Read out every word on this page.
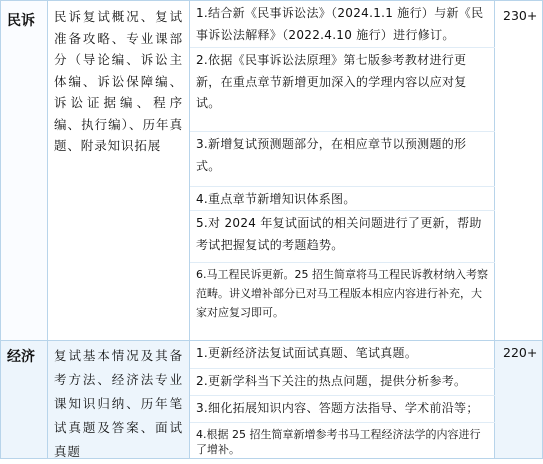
民诉 民诉复试概况、复试准备攻略、专业课部分（导论编、诉讼主体编、诉讼保障编、诉讼证据编、程序编、执行编）、历年真题、附录知识拓展
1.结合新《民事诉讼法》（2024.1.1 施行）与新《民事诉讼法解释》（2022.4.10 施行）进行修订。
2.依据《民事诉讼法原理》第七版参考教材进行更新，在重点章节新增更加深入的学理内容以应对复试。
3.新增复试预测题部分，在相应章节以预测题的形式。
4.重点章节新增知识体系图。
5.对 2024 年复试面试的相关问题进行了更新，帮助考试把握复试的考题趋势。
6.马工程民诉更新。25 招生简章将马工程民诉教材纳入考察范畴。讲义增补部分已对马工程版本相应内容进行补充，大家对应复习即可。
230+
经济 复试基本情况及其备考方法、经济法专业课知识归纳、历年笔试真题及答案、面试真题
1.更新经济法复试面试真题、笔试真题。
2.更新学科当下关注的热点问题，提供分析参考。
3.细化拓展知识内容、答题方法指导、学术前沿等；
4.根据 25 招生简章新增参考书马工程经济法学的内容进行了增补。
220+
